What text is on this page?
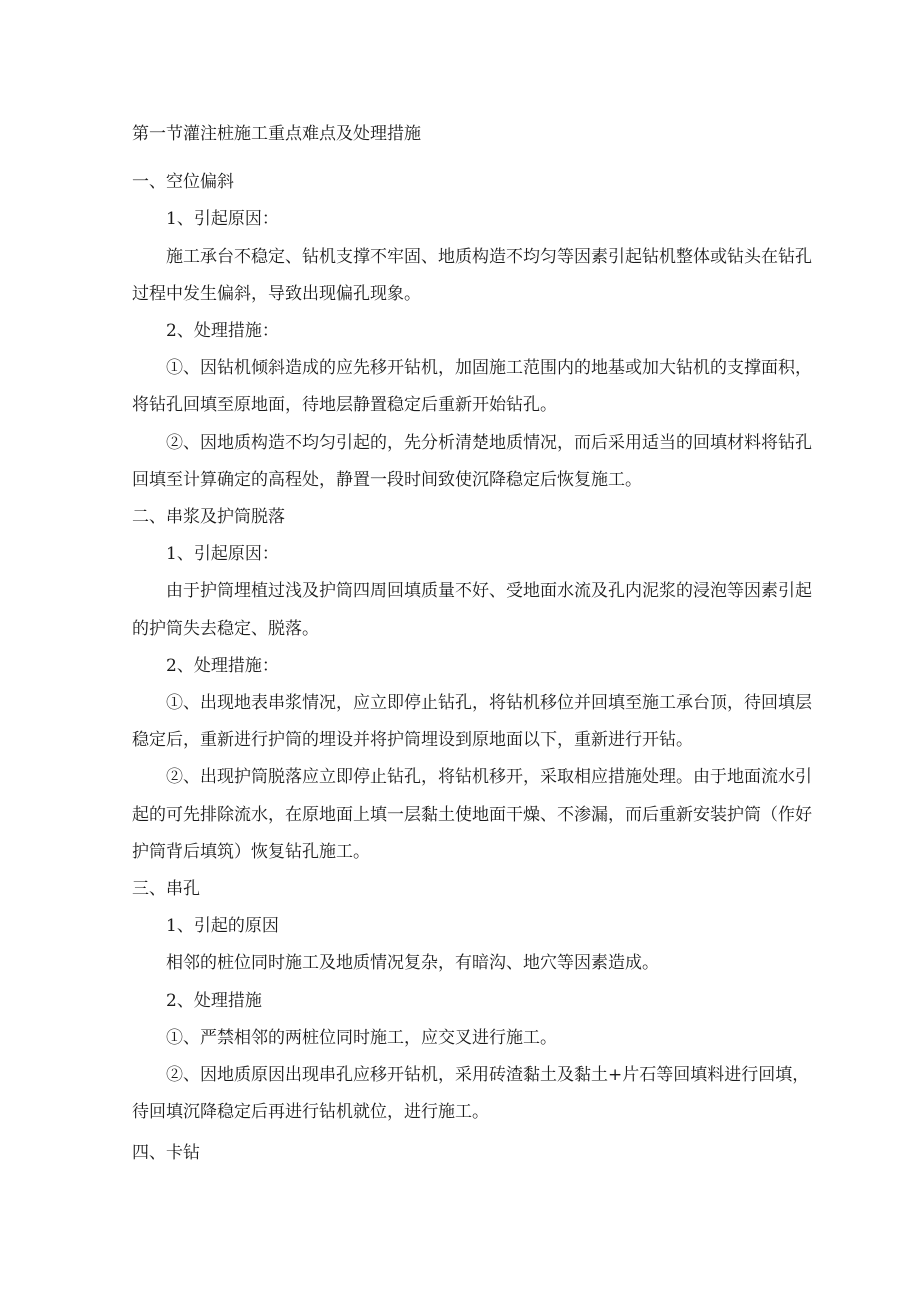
第一节灌注桩施工重点难点及处理措施
一、空位偏斜
1、引起原因：
施工承台不稳定、钻机支撑不牢固、地质构造不均匀等因素引起钻机整体或钻头在钻孔
过程中发生偏斜，导致出现偏孔现象。
2、处理措施：
①、因钻机倾斜造成的应先移开钻机，加固施工范围内的地基或加大钻机的支撑面积，
将钻孔回填至原地面，待地层静置稳定后重新开始钻孔。
②、因地质构造不均匀引起的，先分析清楚地质情况，而后采用适当的回填材料将钻孔
回填至计算确定的高程处，静置一段时间致使沉降稳定后恢复施工。
二、串浆及护筒脱落
1、引起原因：
由于护筒埋植过浅及护筒四周回填质量不好、受地面水流及孔内泥浆的浸泡等因素引起
的护筒失去稳定、脱落。
2、处理措施：
①、出现地表串浆情况，应立即停止钻孔，将钻机移位并回填至施工承台顶，待回填层
稳定后，重新进行护筒的埋设并将护筒埋设到原地面以下，重新进行开钻。
②、出现护筒脱落应立即停止钻孔，将钻机移开，采取相应措施处理。由于地面流水引
起的可先排除流水，在原地面上填一层黏土使地面干燥、不渗漏，而后重新安装护筒（作好
护筒背后填筑）恢复钻孔施工。
三、串孔
1、引起的原因
相邻的桩位同时施工及地质情况复杂，有暗沟、地穴等因素造成。
2、处理措施
①、严禁相邻的两桩位同时施工，应交叉进行施工。
②、因地质原因出现串孔应移开钻机，采用砖渣黏土及黏土+片石等回填料进行回填，
待回填沉降稳定后再进行钻机就位，进行施工。
四、卡钻
